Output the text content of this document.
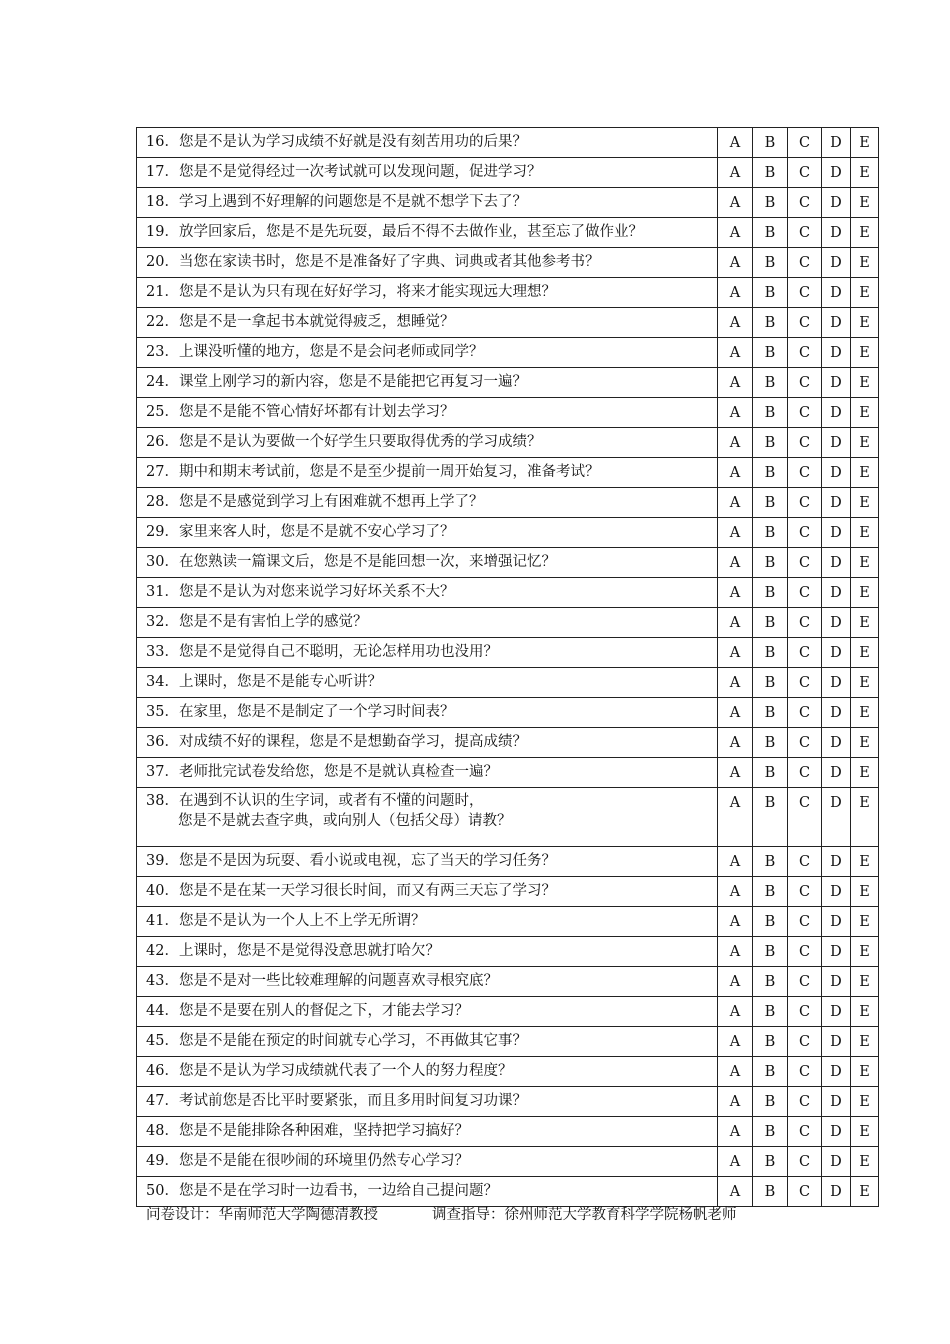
16．您是不是认为学习成绩不好就是没有刻苦用功的后果？	A	B	C	D	E
17．您是不是觉得经过一次考试就可以发现问题，促进学习？	A	B	C	D	E
18．学习上遇到不好理解的问题您是不是就不想学下去了？	A	B	C	D	E
19．放学回家后，您是不是先玩耍，最后不得不去做作业，甚至忘了做作业？	A	B	C	D	E
20．当您在家读书时，您是不是准备好了字典、词典或者其他参考书？	A	B	C	D	E
21．您是不是认为只有现在好好学习，将来才能实现远大理想？	A	B	C	D	E
22．您是不是一拿起书本就觉得疲乏，想睡觉？	A	B	C	D	E
23．上课没听懂的地方，您是不是会问老师或同学？	A	B	C	D	E
24．课堂上刚学习的新内容，您是不是能把它再复习一遍？	A	B	C	D	E
25．您是不是能不管心情好坏都有计划去学习？	A	B	C	D	E
26．您是不是认为要做一个好学生只要取得优秀的学习成绩？	A	B	C	D	E
27．期中和期末考试前，您是不是至少提前一周开始复习，准备考试？	A	B	C	D	E
28．您是不是感觉到学习上有困难就不想再上学了？	A	B	C	D	E
29．家里来客人时，您是不是就不安心学习了？	A	B	C	D	E
30．在您熟读一篇课文后，您是不是能回想一次，来增强记忆？	A	B	C	D	E
31．您是不是认为对您来说学习好坏关系不大？	A	B	C	D	E
32．您是不是有害怕上学的感觉？	A	B	C	D	E
33．您是不是觉得自己不聪明，无论怎样用功也没用？	A	B	C	D	E
34．上课时，您是不是能专心听讲？	A	B	C	D	E
35．在家里，您是不是制定了一个学习时间表？	A	B	C	D	E
36．对成绩不好的课程，您是不是想勤奋学习，提高成绩？	A	B	C	D	E
37．老师批完试卷发给您，您是不是就认真检查一遍？	A	B	C	D	E
38．在遇到不认识的生字词，或者有不懂的问题时，
您是不是就去查字典，或向别人（包括父母）请教？	A	B	C	D	E
39．您是不是因为玩耍、看小说或电视，忘了当天的学习任务？	A	B	C	D	E
40．您是不是在某一天学习很长时间，而又有两三天忘了学习？	A	B	C	D	E
41．您是不是认为一个人上不上学无所谓？	A	B	C	D	E
42．上课时，您是不是觉得没意思就打哈欠？	A	B	C	D	E
43．您是不是对一些比较难理解的问题喜欢寻根究底？	A	B	C	D	E
44．您是不是要在别人的督促之下，才能去学习？	A	B	C	D	E
45．您是不是能在预定的时间就专心学习，不再做其它事？	A	B	C	D	E
46．您是不是认为学习成绩就代表了一个人的努力程度？	A	B	C	D	E
47．考试前您是否比平时要紧张，而且多用时间复习功课？	A	B	C	D	E
48．您是不是能排除各种困难，坚持把学习搞好？	A	B	C	D	E
49．您是不是能在很吵闹的环境里仍然专心学习？	A	B	C	D	E
50．您是不是在学习时一边看书，一边给自己提问题？	A	B	C	D	E
问卷设计：华南师范大学陶德清教授	调查指导：徐州师范大学教育科学学院杨帆老师
